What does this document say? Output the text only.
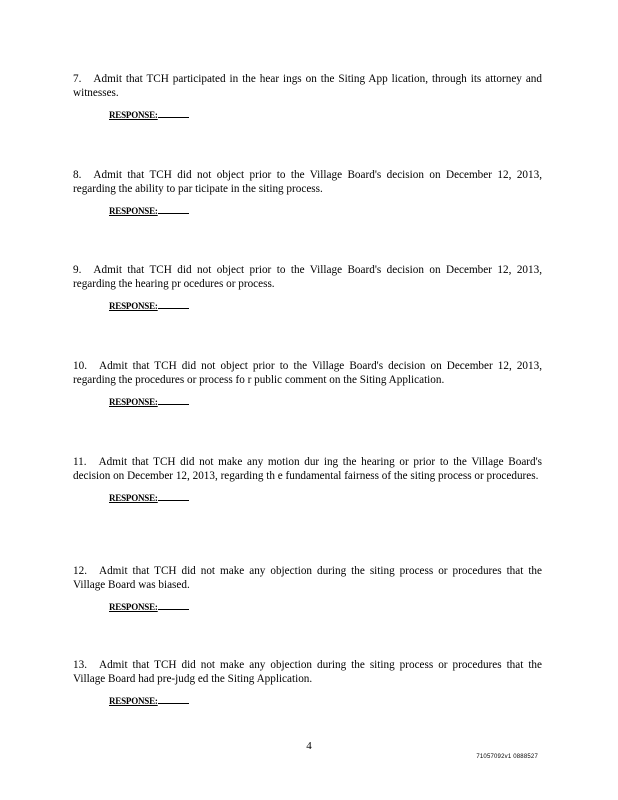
7. Admit that TCH participated in the hear ings on the Siting App lication, through its attorney and witnesses.

RESPONSE:

8. Admit that TCH did not object prior to the Village Board's decision on December 12, 2013, regarding the ability to par ticipate in the siting process.

RESPONSE:

9. Admit that TCH did not object prior to the Village Board's decision on December 12, 2013, regarding the hearing pr ocedures or process.

RESPONSE:

10. Admit that TCH did not object prior to the Village Board's decision on December 12, 2013, regarding the procedures or process fo r public comment on the Siting Application.

RESPONSE:

11. Admit that TCH did not make any motion dur ing the hearing or prior to the Village Board's decision on December 12, 2013, regarding th e fundamental fairness of the siting process or procedures.

RESPONSE:

12. Admit that TCH did not make any objection during the siting process or procedures that the Village Board was biased.

RESPONSE:

13. Admit that TCH did not make any objection during the siting process or procedures that the Village Board had pre-judg ed the Siting Application.

RESPONSE:
4
71057092v1 0888527
